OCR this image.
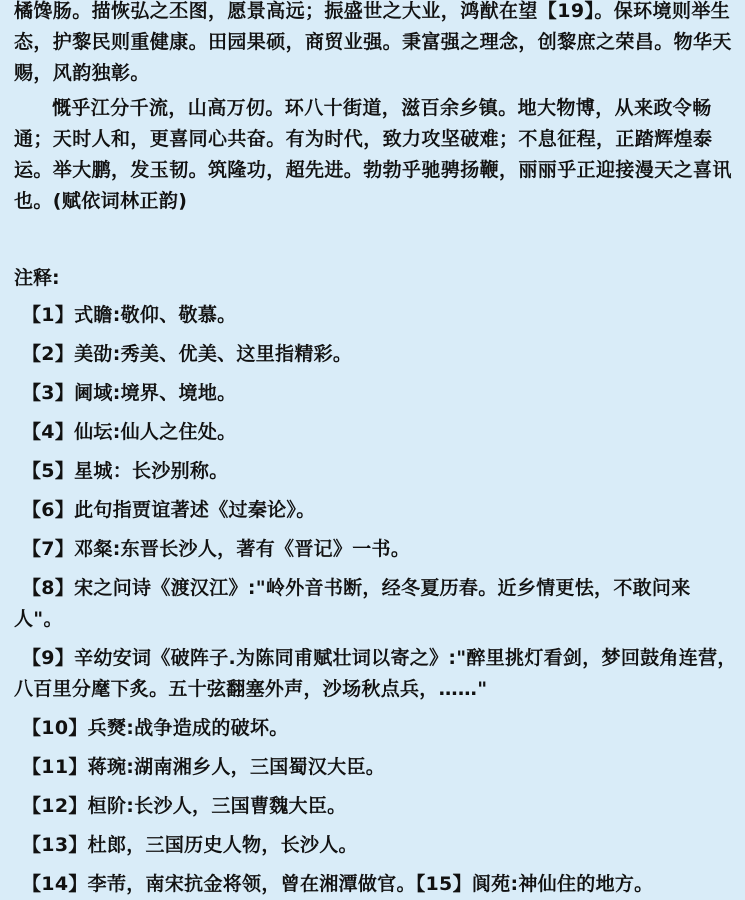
橘馋肠。描恢弘之丕图，愿景高远；振盛世之大业，鸿猷在望【19】。保环境则举生态，护黎民则重健康。田园果硕，商贸业强。秉富强之理念，创黎庶之荣昌。物华天赐，风韵独彰。

慨乎江分千流，山高万仞。环八十街道，滋百余乡镇。地大物博，从来政令畅通；天时人和，更喜同心共奋。有为时代，致力攻坚破难；不息征程，正踏辉煌泰运。举大鹏，发玉韧。筑隆功，超先进。勃勃乎驰骋扬鞭，丽丽乎正迎接漫天之喜讯也。(赋依词林正韵)

注释:

【1】式瞻:敬仰、敬慕。

【2】美劭:秀美、优美、这里指精彩。

【3】阃域:境界、境地。

【4】仙坛:仙人之住处。

【5】星城：长沙别称。

【6】此句指贾谊著述《过秦论》。

【7】邓粲:东晋长沙人，著有《晋记》一书。

【8】宋之问诗《渡汉江》:"岭外音书断，经冬夏历春。近乡情更怯，不敢问来人"。

【9】辛幼安词《破阵子.为陈同甫赋壮词以寄之》:"醉里挑灯看剑，梦回鼓角连营，八百里分麾下炙。五十弦翻塞外声，沙场秋点兵，……"

【10】兵燹:战争造成的破坏。

【11】蒋琬:湖南湘乡人，三国蜀汉大臣。

【12】桓阶:长沙人，三国曹魏大臣。

【13】杜郎，三国历史人物，长沙人。

【14】李芾，南宋抗金将领，曾在湘潭做官。【15】阆苑:神仙住的地方。
